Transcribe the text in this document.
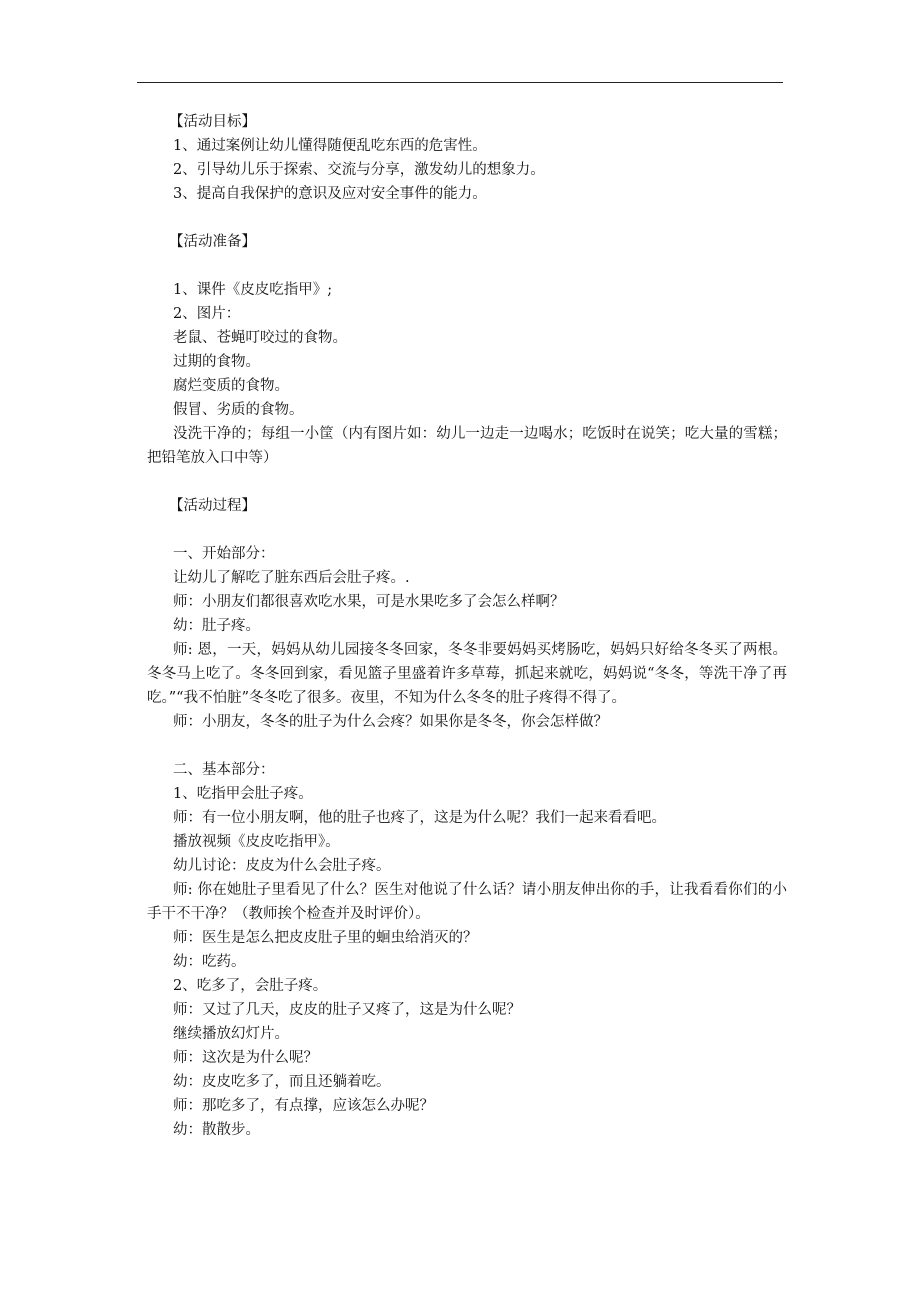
【活动目标】
1、通过案例让幼儿懂得随便乱吃东西的危害性。
2、引导幼儿乐于探索、交流与分享，激发幼儿的想象力。
3、提高自我保护的意识及应对安全事件的能力。
【活动准备】
1、课件《皮皮吃指甲》;
2、图片：
老鼠、苍蝇叮咬过的食物。
过期的食物。
腐烂变质的食物。
假冒、劣质的食物。
没洗干净的；每组一小筐（内有图片如：幼儿一边走一边喝水；吃饭时在说笑；吃大量的雪糕；把铅笔放入口中等）
【活动过程】
一、开始部分：
让幼儿了解吃了脏东西后会肚子疼。.
师：小朋友们都很喜欢吃水果，可是水果吃多了会怎么样啊？
幼：肚子疼。
师: 恩，一天，妈妈从幼儿园接冬冬回家，冬冬非要妈妈买烤肠吃，妈妈只好给冬冬买了两根。冬冬马上吃了。冬冬回到家，看见篮子里盛着许多草莓，抓起来就吃，妈妈说“冬冬，等洗干净了再吃。”“我不怕脏”冬冬吃了很多。夜里，不知为什么冬冬的肚子疼得不得了。
师：小朋友，冬冬的肚子为什么会疼？如果你是冬冬，你会怎样做？
二、基本部分：
1、吃指甲会肚子疼。
师：有一位小朋友啊，他的肚子也疼了，这是为什么呢？我们一起来看看吧。
播放视频《皮皮吃指甲》。
幼儿讨论：皮皮为什么会肚子疼。
师: 你在她肚子里看见了什么？医生对他说了什么话？请小朋友伸出你的手，让我看看你们的小手干不干净？（教师挨个检查并及时评价）。
师：医生是怎么把皮皮肚子里的蛔虫给消灭的？
幼：吃药。
2、吃多了，会肚子疼。
师：又过了几天，皮皮的肚子又疼了，这是为什么呢？
继续播放幻灯片。
师：这次是为什么呢？
幼：皮皮吃多了，而且还躺着吃。
师：那吃多了，有点撑，应该怎么办呢？
幼：散散步。
